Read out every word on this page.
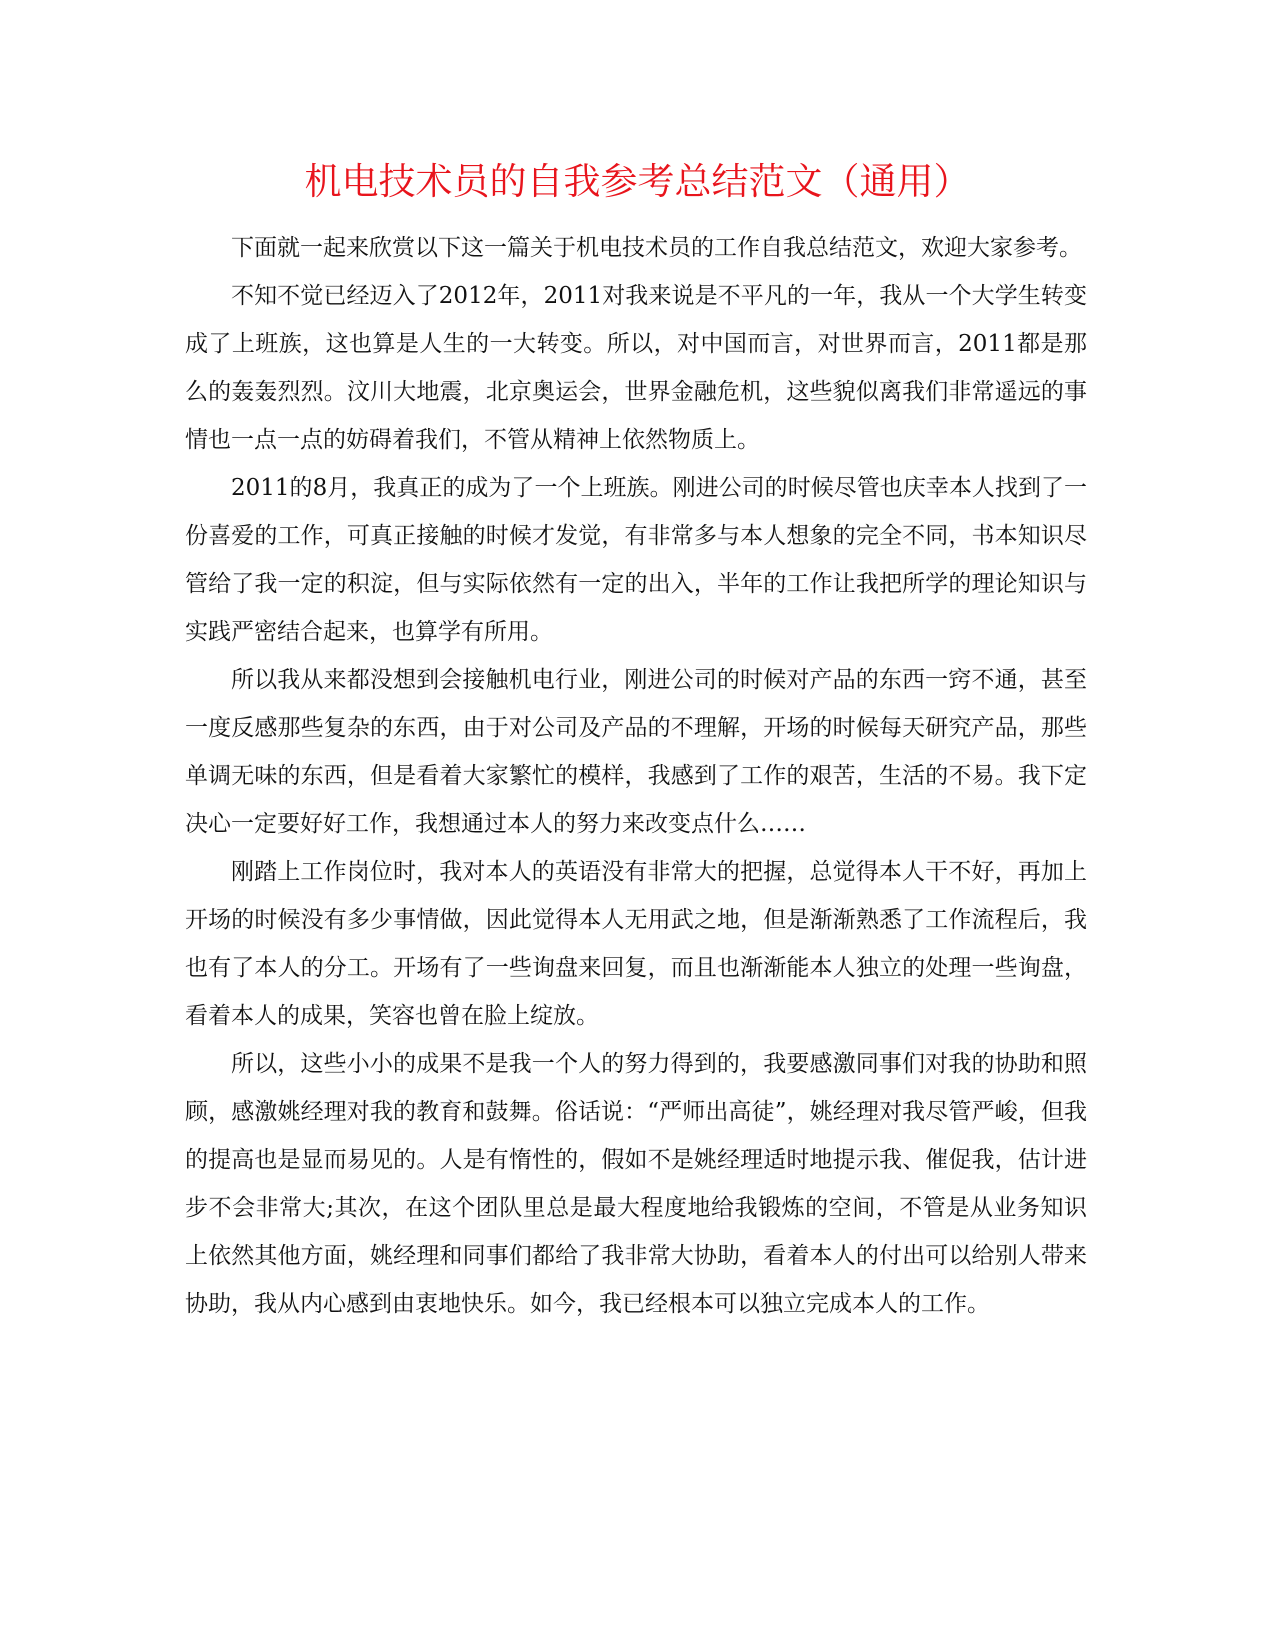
机电技术员的自我参考总结范文（通用）

下面就一起来欣赏以下这一篇关于机电技术员的工作自我总结范文，欢迎大家参考。

不知不觉已经迈入了2012年，2011对我来说是不平凡的一年，我从一个大学生转变成了上班族，这也算是人生的一大转变。所以，对中国而言，对世界而言，2011都是那么的轰轰烈烈。汶川大地震，北京奥运会，世界金融危机，这些貌似离我们非常遥远的事情也一点一点的妨碍着我们，不管从精神上依然物质上。

2011的8月，我真正的成为了一个上班族。刚进公司的时候尽管也庆幸本人找到了一份喜爱的工作，可真正接触的时候才发觉，有非常多与本人想象的完全不同，书本知识尽管给了我一定的积淀，但与实际依然有一定的出入，半年的工作让我把所学的理论知识与实践严密结合起来，也算学有所用。

所以我从来都没想到会接触机电行业，刚进公司的时候对产品的东西一窍不通，甚至一度反感那些复杂的东西，由于对公司及产品的不理解，开场的时候每天研究产品，那些单调无味的东西，但是看着大家繁忙的模样，我感到了工作的艰苦，生活的不易。我下定决心一定要好好工作，我想通过本人的努力来改变点什么……

刚踏上工作岗位时，我对本人的英语没有非常大的把握，总觉得本人干不好，再加上开场的时候没有多少事情做，因此觉得本人无用武之地，但是渐渐熟悉了工作流程后，我也有了本人的分工。开场有了一些询盘来回复，而且也渐渐能本人独立的处理一些询盘，看着本人的成果，笑容也曾在脸上绽放。

所以，这些小小的成果不是我一个人的努力得到的，我要感激同事们对我的协助和照顾，感激姚经理对我的教育和鼓舞。俗话说：“严师出高徒”，姚经理对我尽管严峻，但我的提高也是显而易见的。人是有惰性的，假如不是姚经理适时地提示我、催促我，估计进步不会非常大;其次，在这个团队里总是最大程度地给我锻炼的空间，不管是从业务知识上依然其他方面，姚经理和同事们都给了我非常大协助，看着本人的付出可以给别人带来协助，我从内心感到由衷地快乐。如今，我已经根本可以独立完成本人的工作。
